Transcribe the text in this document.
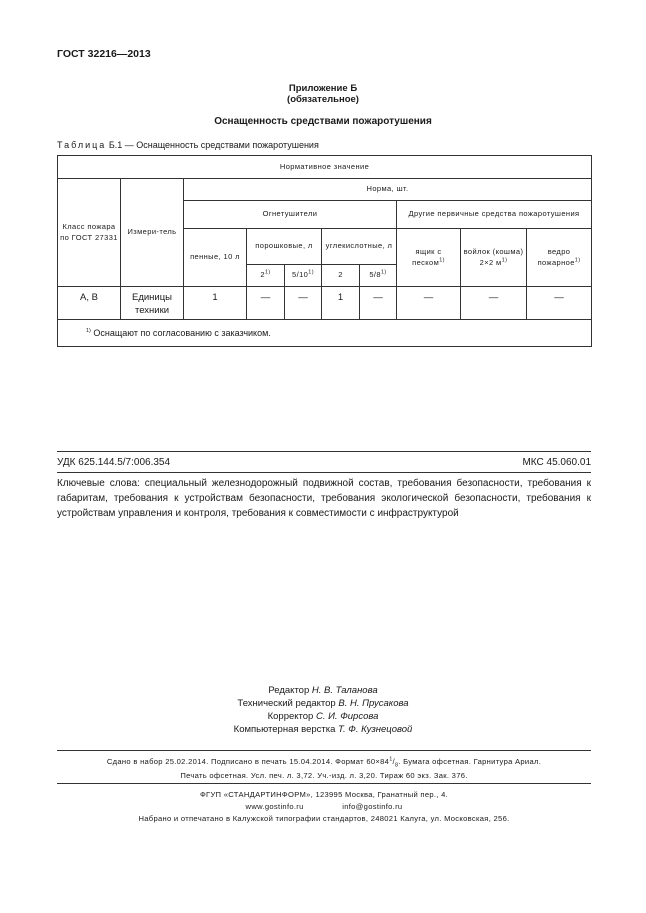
ГОСТ 32216—2013
Приложение Б
(обязательное)
Оснащенность средствами пожаротушения
Таблица Б.1 — Оснащенность средствами пожаротушения
Нормативное значение									
Класс пожара по ГОСТ 27331	Измери-тель	Норма, шт.							
		Огнетушители					Другие первичные средства пожаротушения		
		пенные, 10 л	порошковые, л		углекислотные, л		ящик с песком$^{1)}$	войлок (кошма) 2×2 $м^{1)}$	ведро пожарное$^{1)}$
			2$^{1)}$	5/10$^{1)}$	2	5/8$^{1)}$
А, В	Единицы техники	1	—	—	1	—	—	—	—
$^{1)}$ Оснащают по согласованию с заказчиком.									
УДК 625.144.5/7:006.354	МКС 45.060.01
Ключевые слова: специальный железнодорожный подвижной состав, требования безопасности, требования к габаритам, требования к устройствам безопасности, требования экологической безопасности, требования к устройствам управления и контроля, требования к совместимости с инфраструктурой
Редактор Н. В. Таланова
Технический редактор В. Н. Прусакова
Корректор С. И. Фирсова
Компьютерная верстка Т. Ф. Кузнецовой
Сдано в набор 25.02.2014. Подписано в печать 15.04.2014. Формат $60\times 84^1/_8$. Бумага офсетная. Гарнитура Ариал.
Печать офсетная. Усл. печ. л. 3,72. Уч.-изд. л. 3,20. Тираж 60 экз. Зак. 376.
ФГУП «СТАНДАРТИНФОРМ», 123995 Москва, Гранатный пер., 4.
www.gostinfo.ru	info@gostinfo.ru
Набрано и отпечатано в Калужской типографии стандартов, 248021 Калуга, ул. Московская, 256.
